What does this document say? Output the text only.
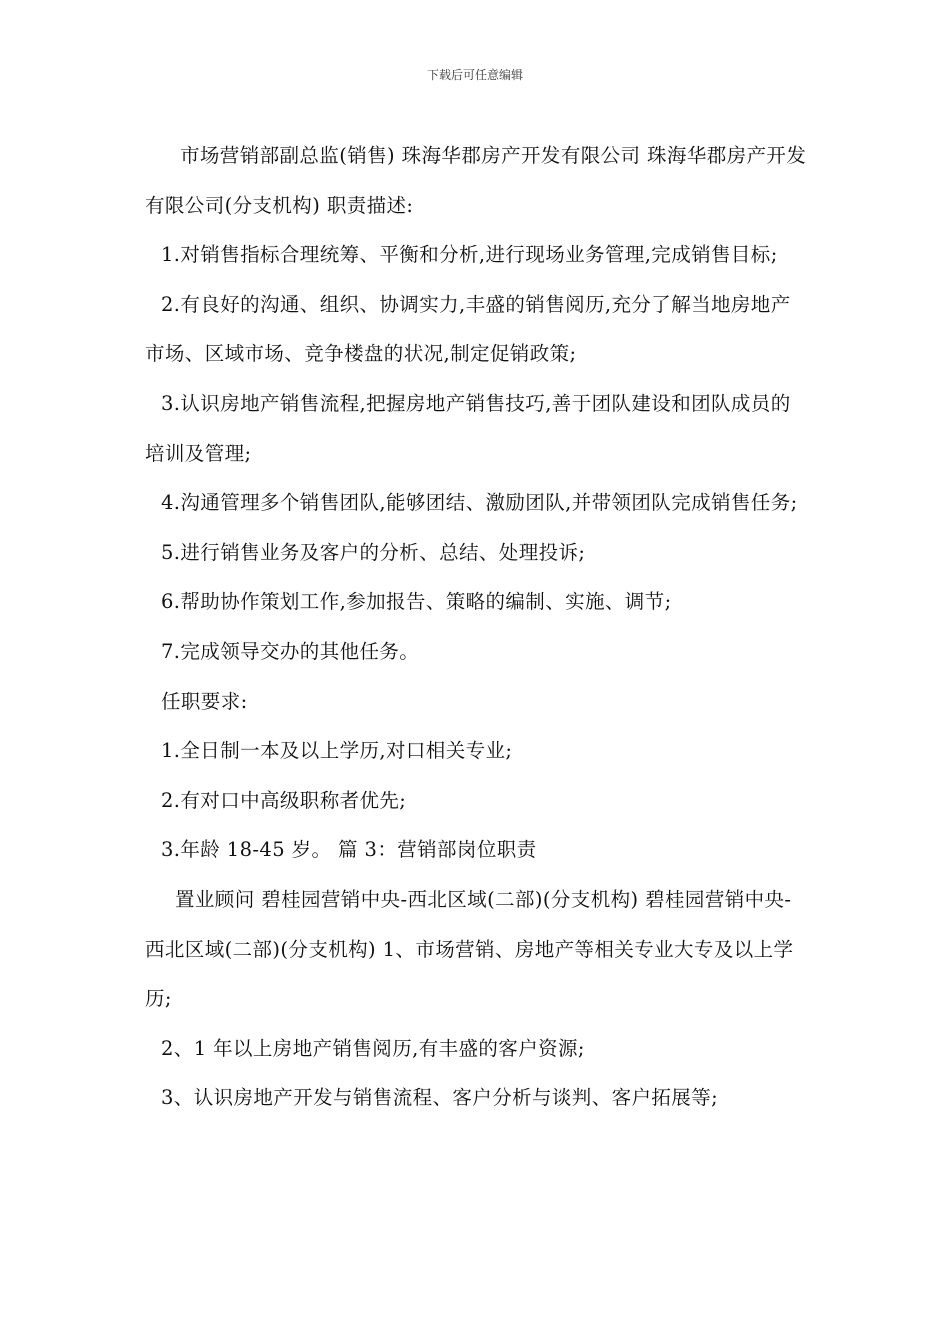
下载后可任意编辑

市场营销部副总监(销售) 珠海华郡房产开发有限公司 珠海华郡房产开发有限公司(分支机构) 职责描述:

1.对销售指标合理统筹、平衡和分析,进行现场业务管理,完成销售目标;

2.有良好的沟通、组织、协调实力,丰盛的销售阅历,充分了解当地房地产市场、区域市场、竞争楼盘的状况,制定促销政策;

3.认识房地产销售流程,把握房地产销售技巧,善于团队建设和团队成员的培训及管理;

4.沟通管理多个销售团队,能够团结、激励团队,并带领团队完成销售任务;

5.进行销售业务及客户的分析、总结、处理投诉;

6.帮助协作策划工作,参加报告、策略的编制、实施、调节;

7.完成领导交办的其他任务。

任职要求:

1.全日制一本及以上学历,对口相关专业;

2.有对口中高级职称者优先;

3.年龄 18-45 岁。 篇 3：营销部岗位职责

置业顾问 碧桂园营销中央-西北区域(二部)(分支机构) 碧桂园营销中央-西北区域(二部)(分支机构) 1、市场营销、房地产等相关专业大专及以上学历;

2、1 年以上房地产销售阅历,有丰盛的客户资源;

3、认识房地产开发与销售流程、客户分析与谈判、客户拓展等;
